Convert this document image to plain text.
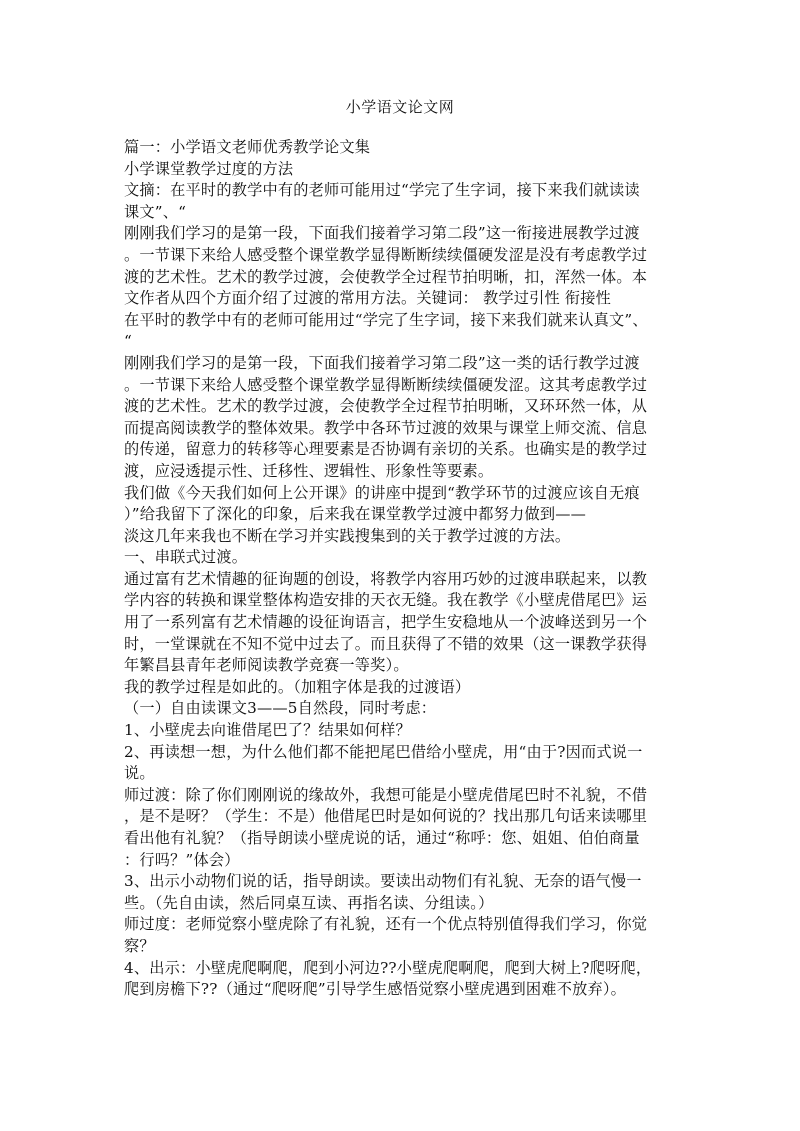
小学语文论文网
篇一：小学语文老师优秀教学论文集
小学课堂教学过度的方法
文摘：在平时的教学中有的老师可能用过“学完了生字词，接下来我们就读读
课文”、“
刚刚我们学习的是第一段，下面我们接着学习第二段”这一衔接进展教学过渡
。一节课下来给人感受整个课堂教学显得断断续续僵硬发涩是没有考虑教学过
渡的艺术性。艺术的教学过渡，会使教学全过程节拍明晰，扣，浑然一体。本
文作者从四个方面介绍了过渡的常用方法。关键词： 教学过引性 衔接性
在平时的教学中有的老师可能用过“学完了生字词，接下来我们就来认真文”、
“
刚刚我们学习的是第一段，下面我们接着学习第二段”这一类的话行教学过渡
。一节课下来给人感受整个课堂教学显得断断续续僵硬发涩。这其考虑教学过
渡的艺术性。艺术的教学过渡，会使教学全过程节拍明晰，又环环然一体，从
而提高阅读教学的整体效果。教学中各环节过渡的效果与课堂上师交流、信息
的传递，留意力的转移等心理要素是否协调有亲切的关系。也确实是的教学过
渡，应浸透提示性、迁移性、逻辑性、形象性等要素。
我们做《今天我们如何上公开课》的讲座中提到“教学环节的过渡应该自无痕
）”给我留下了深化的印象，后来我在课堂教学过渡中都努力做到——
淡这几年来我也不断在学习并实践搜集到的关于教学过渡的方法。
一、串联式过渡。
通过富有艺术情趣的征询题的创设，将教学内容用巧妙的过渡串联起来，以教
学内容的转换和课堂整体构造安排的天衣无缝。我在教学《小壁虎借尾巴》运
用了一系列富有艺术情趣的设征询语言，把学生安稳地从一个波峰送到另一个
时，一堂课就在不知不觉中过去了。而且获得了不错的效果（这一课教学获得
年繁昌县青年老师阅读教学竞赛一等奖）。
我的教学过程是如此的。（加粗字体是我的过渡语）
（一）自由读课文3——5自然段，同时考虑：
1、小壁虎去向谁借尾巴了？结果如何样？
2、再读想一想，为什么他们都不能把尾巴借给小壁虎，用“由于?因而式说一
说。
师过渡：除了你们刚刚说的缘故外，我想可能是小壁虎借尾巴时不礼貌，不借
，是不是呀？（学生：不是）他借尾巴时是如何说的？找出那几句话来读哪里
看出他有礼貌？（指导朗读小壁虎说的话，通过“称呼：您、姐姐、伯伯商量
：行吗？”体会）
3、出示小动物们说的话，指导朗读。要读出动物们有礼貌、无奈的语气慢一
些。（先自由读，然后同桌互读、再指名读、分组读。）
师过度：老师觉察小壁虎除了有礼貌，还有一个优点特别值得我们学习，你觉
察？
4、出示：小壁虎爬啊爬，爬到小河边??小壁虎爬啊爬，爬到大树上?爬呀爬，
爬到房檐下??（通过“爬呀爬”引导学生感悟觉察小壁虎遇到困难不放弃）。
